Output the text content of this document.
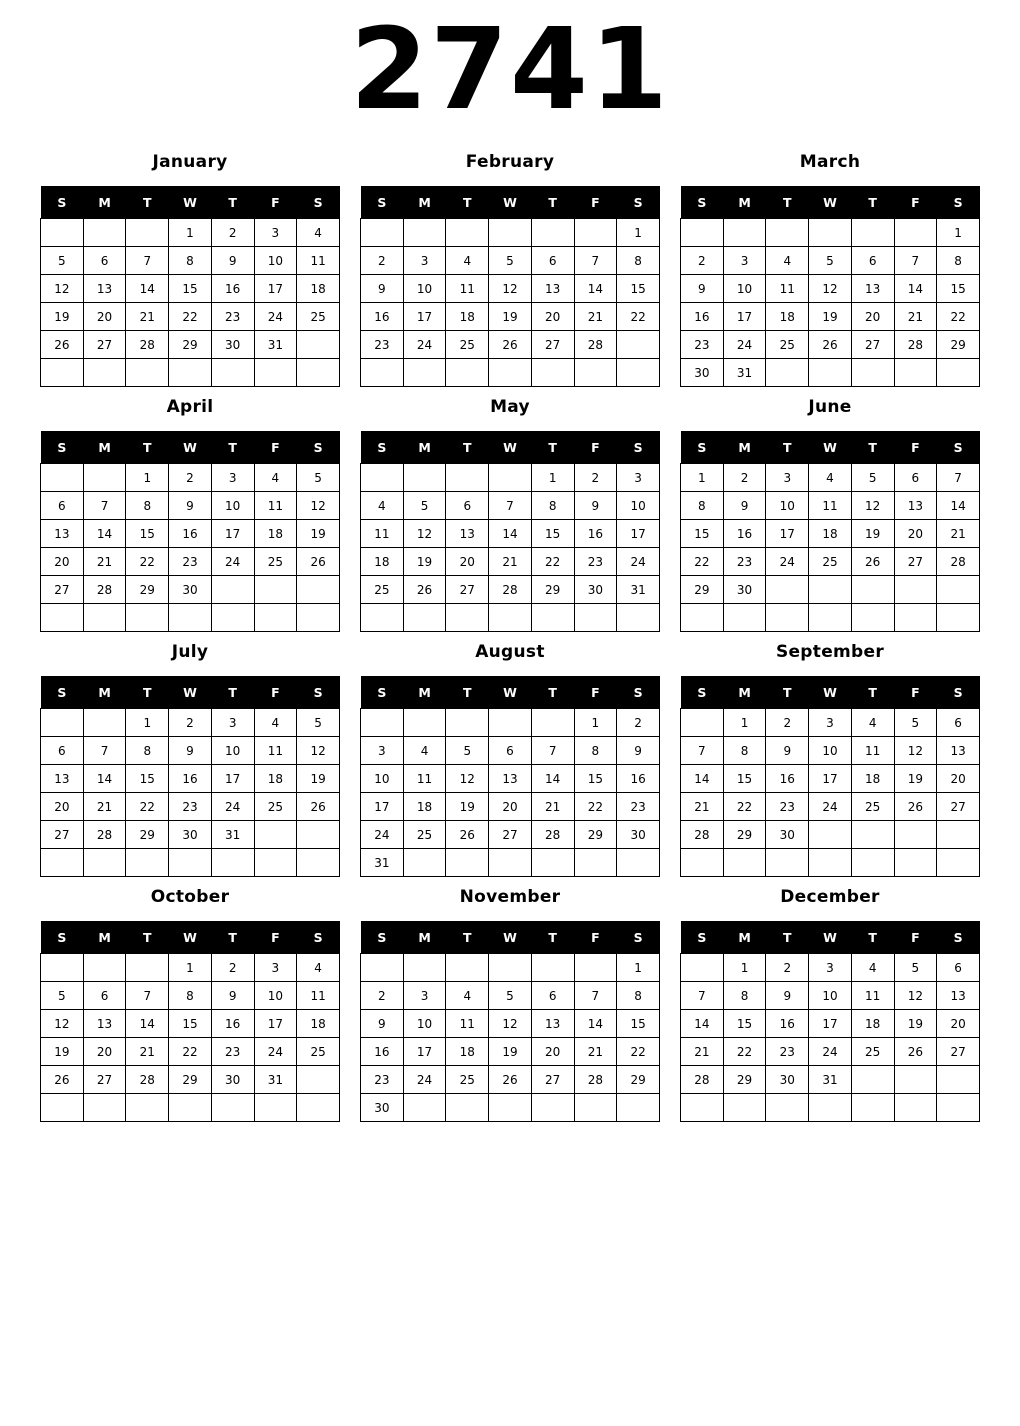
2741
January
S	M	T	W	T	F	S
			1	2	3	4
5	6	7	8	9	10	11
12	13	14	15	16	17	18
19	20	21	22	23	24	25
26	27	28	29	30	31	

February
S	M	T	W	T	F	S
						1
2	3	4	5	6	7	8
9	10	11	12	13	14	15
16	17	18	19	20	21	22
23	24	25	26	27	28	

March
S	M	T	W	T	F	S
						1
2	3	4	5	6	7	8
9	10	11	12	13	14	15
16	17	18	19	20	21	22
23	24	25	26	27	28	29
30	31					
April
S	M	T	W	T	F	S
		1	2	3	4	5
6	7	8	9	10	11	12
13	14	15	16	17	18	19
20	21	22	23	24	25	26
27	28	29	30			

May
S	M	T	W	T	F	S
				1	2	3
4	5	6	7	8	9	10
11	12	13	14	15	16	17
18	19	20	21	22	23	24
25	26	27	28	29	30	31

June
S	M	T	W	T	F	S
1	2	3	4	5	6	7
8	9	10	11	12	13	14
15	16	17	18	19	20	21
22	23	24	25	26	27	28
29	30					

July
S	M	T	W	T	F	S
		1	2	3	4	5
6	7	8	9	10	11	12
13	14	15	16	17	18	19
20	21	22	23	24	25	26
27	28	29	30	31		

August
S	M	T	W	T	F	S
					1	2
3	4	5	6	7	8	9
10	11	12	13	14	15	16
17	18	19	20	21	22	23
24	25	26	27	28	29	30
31						
September
S	M	T	W	T	F	S
	1	2	3	4	5	6
7	8	9	10	11	12	13
14	15	16	17	18	19	20
21	22	23	24	25	26	27
28	29	30				

October
S	M	T	W	T	F	S
			1	2	3	4
5	6	7	8	9	10	11
12	13	14	15	16	17	18
19	20	21	22	23	24	25
26	27	28	29	30	31	

November
S	M	T	W	T	F	S
						1
2	3	4	5	6	7	8
9	10	11	12	13	14	15
16	17	18	19	20	21	22
23	24	25	26	27	28	29
30						
December
S	M	T	W	T	F	S
	1	2	3	4	5	6
7	8	9	10	11	12	13
14	15	16	17	18	19	20
21	22	23	24	25	26	27
28	29	30	31			
